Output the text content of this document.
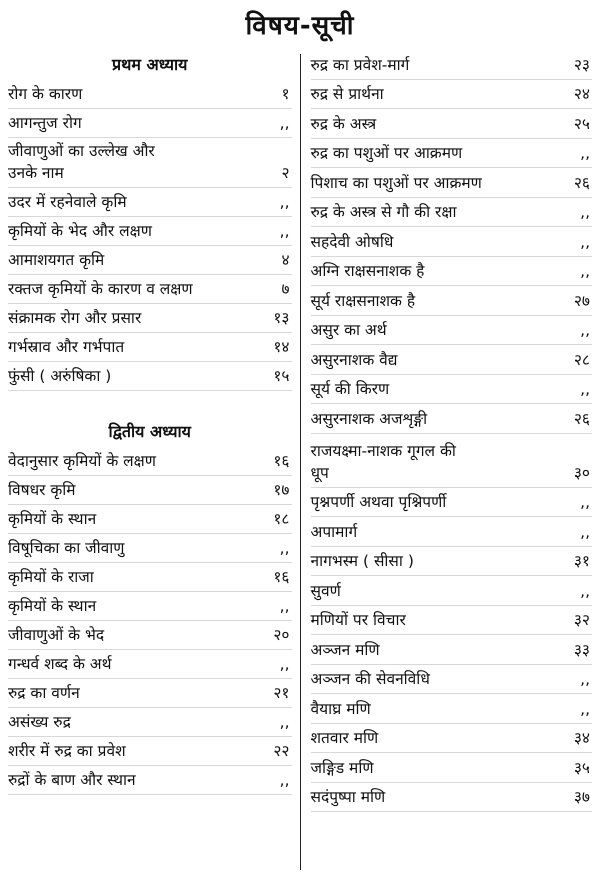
विषय-सूची
प्रथम अध्याय
रोग के कारण	१
आगन्तुज रोग	,,
जीवाणुओं का उल्लेख और
उनके नाम	२
उदर में रहनेवाले कृमि	,,
कृमियों के भेद और लक्षण	,,
आमाशयगत कृमि	४
रक्तज कृमियों के कारण व लक्षण	७
संक्रामक रोग और प्रसार	१३
गर्भस्राव और गर्भपात	१४
फुंसी ( अरुंषिका )	१५
द्वितीय अध्याय
वेदानुसार कृमियों के लक्षण	१६
विषधर कृमि	१७
कृमियों के स्थान	१८
विषूचिका का जीवाणु	,,
कृमियों के राजा	१६
कृमियों के स्थान	,,
जीवाणुओं के भेद	२०
गन्धर्व शब्द के अर्थ	,,
रुद्र का वर्णन	२१
असंख्य रुद्र	,,
शरीर में रुद्र का प्रवेश	२२
रुद्रों के बाण और स्थान	,,
रुद्र का प्रवेश-मार्ग	२३
रुद्र से प्रार्थना	२४
रुद्र के अस्त्र	२५
रुद्र का पशुओं पर आक्रमण	,,
पिशाच का पशुओं पर आक्रमण	२६
रुद्र के अस्त्र से गौ की रक्षा	,,
सहदेवी ओषधि	,,
अग्नि राक्षसनाशक है	,,
सूर्य राक्षसनाशक है	२७
असुर का अर्थ	,,
असुरनाशक वैद्य	२८
सूर्य की किरण	,,
असुरनाशक अजशृङ्गी	२६
राजयक्ष्मा-नाशक गूगल की
धूप	३०
पृश्नपर्णी अथवा पृश्निपर्णी	,,
अपामार्ग	,,
नागभस्म ( सीसा )	३१
सुवर्ण	,,
मणियों पर विचार	३२
अञ्जन मणि	३३
अञ्जन की सेवनविधि	,,
वैयाघ्र मणि	,,
शतवार मणि	३४
जङ्गिड मणि	३५
सदंपुष्पा मणि	३७
